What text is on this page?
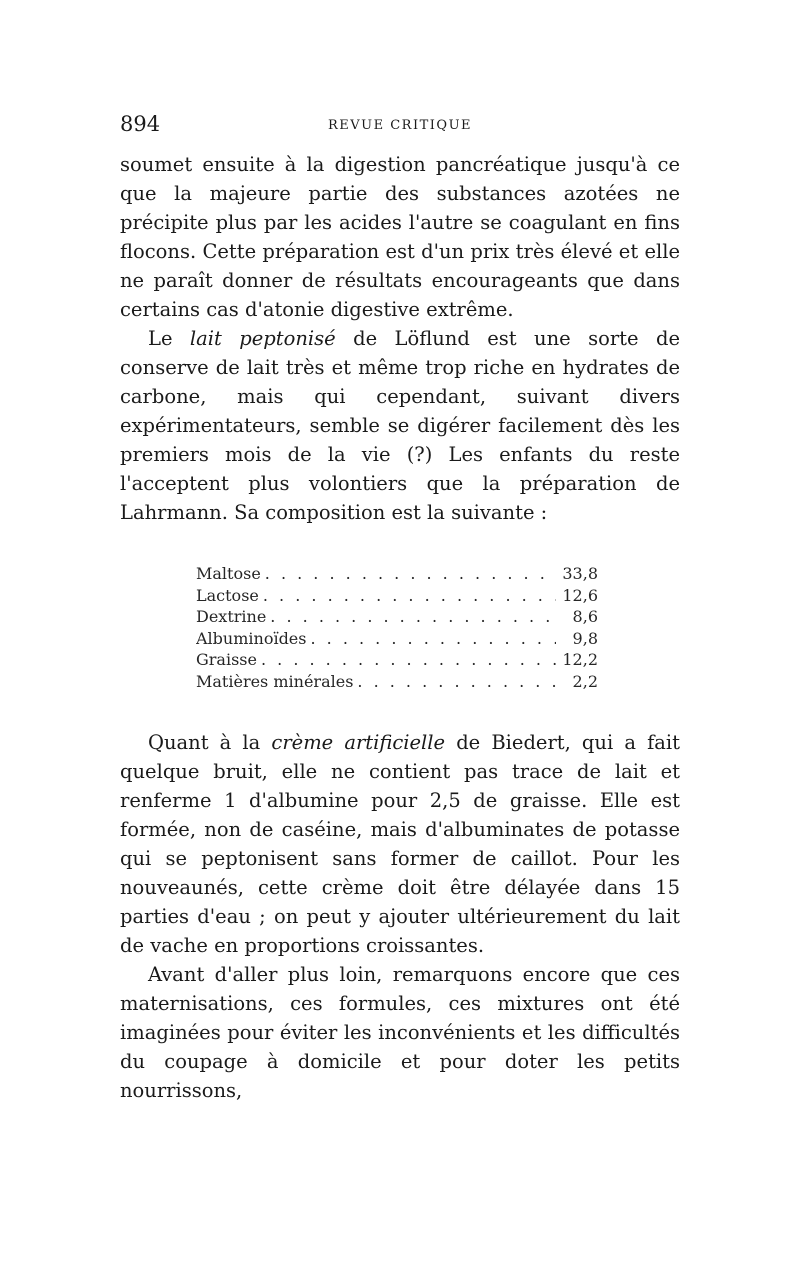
894	REVUE CRITIQUE

soumet ensuite à la digestion pancréatique jusqu'à ce que la majeure partie des substances azotées ne précipite plus par les acides l'autre se coagulant en fins flocons. Cette préparation est d'un prix très élevé et elle ne paraît donner de résultats encourageants que dans certains cas d'atonie digestive extrême.

Le lait peptonisé de Löflund est une sorte de conserve de lait très et même trop riche en hydrates de carbone, mais qui cependant, suivant divers expérimentateurs, semble se digérer facilement dès les premiers mois de la vie (?) Les enfants du reste l'acceptent plus volontiers que la préparation de Lahrmann. Sa composition est la suivante :

Maltose . . .	33,8
Lactose . . .	12,6
Dextrine . . .	8,6
Albuminoïdes . . .	9,8
Graisse . . .	12,2
Matières minérales . . .	2,2

Quant à la crème artificielle de Biedert, qui a fait quelque bruit, elle ne contient pas trace de lait et renferme 1 d'albumine pour 2,5 de graisse. Elle est formée, non de caséine, mais d'albuminates de potasse qui se peptonisent sans former de caillot. Pour les nouveaunés, cette crème doit être délayée dans 15 parties d'eau ; on peut y ajouter ultérieurement du lait de vache en proportions croissantes.

Avant d'aller plus loin, remarquons encore que ces maternisations, ces formules, ces mixtures ont été imaginées pour éviter les inconvénients et les difficultés du coupage à domicile et pour doter les petits nourrissons,
